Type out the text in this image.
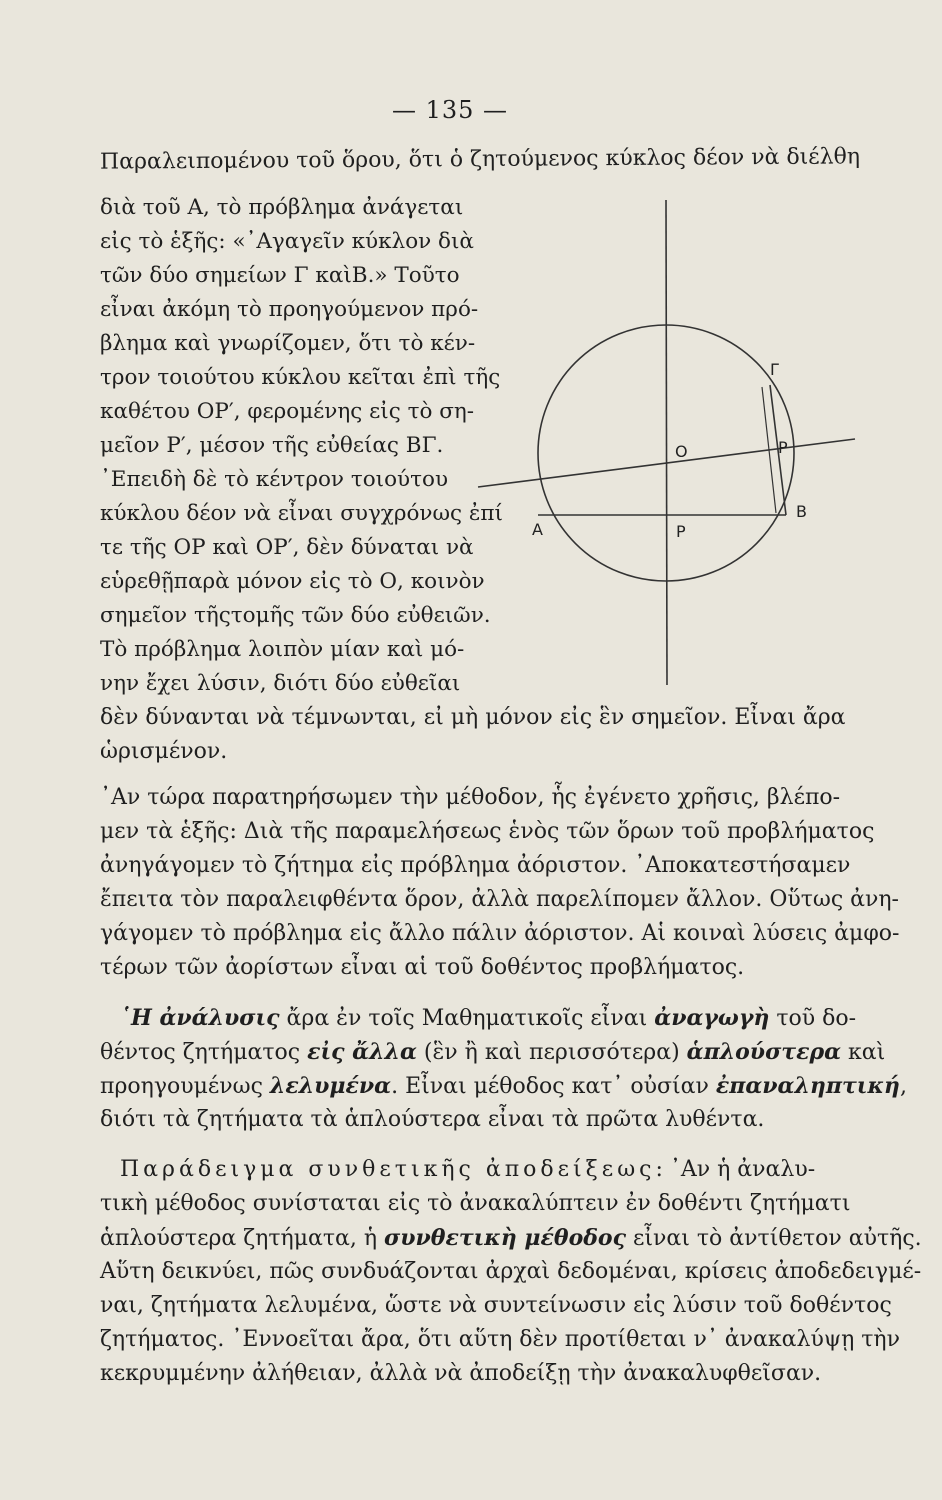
— 135 —
Παραλειπομένου τοῦ ὅρου, ὅτι ὁ ζητούμενος κύκλος δέον νὰ διέλθη
διὰ τοῦ Α, τὸ πρόβλημα ἀνάγεται
εἰς τὸ ἑξῆς: «᾿Αγαγεῖν κύκλον διὰ
τῶν δύο σημείων Γ καὶΒ.» Τοῦτο
εἶναι ἀκόμη τὸ προηγούμενον πρό-
βλημα καὶ γνωρίζομεν, ὅτι τὸ κέν-
τρον τοιούτου κύκλου κεῖται ἐπὶ τῆς
καθέτου ΟΡ′, φερομένης εἰς τὸ ση-
μεῖον Ρ′, μέσον τῆς εὐθείας ΒΓ.
᾿Επειδὴ δὲ τὸ κέντρον τοιούτου
κύκλου δέον νὰ εἶναι συγχρόνως ἐπί
τε τῆς ΟΡ καὶ ΟΡ′, δὲν δύναται νὰ
εὑρεθῇπαρὰ μόνον εἰς τὸ Ο, κοινὸν
σημεῖον τῆςτομῆς τῶν δύο εὐθειῶν.
Τὸ πρόβλημα λοιπὸν μίαν καὶ μό-
νην ἔχει λύσιν, διότι δύο εὐθεῖαι
δὲν δύνανται νὰ τέμνωνται, εἰ μὴ μόνον εἰς ἓν σημεῖον. Εἶναι ἄρα
ὡρισμένον.
᾿Αν τώρα παρατηρήσωμεν τὴν μέθοδον, ἧς ἐγένετο χρῆσις, βλέπο-
μεν τὰ ἑξῆς: Διὰ τῆς παραμελήσεως ἑνὸς τῶν ὅρων τοῦ προβλήματος
ἀνηγάγομεν τὸ ζήτημα εἰς πρόβλημα ἀόριστον. ᾿Αποκατεστήσαμεν
ἔπειτα τὸν παραλειφθέντα ὅρον, ἀλλὰ παρελίπομεν ἄλλον. Οὕτως ἀνη-
γάγομεν τὸ πρόβλημα εἰς ἄλλο πάλιν ἀόριστον. Αἱ κοιναὶ λύσεις ἀμφο-
τέρων τῶν ἀορίστων εἶναι αἱ τοῦ δοθέντος προβλήματος.
῾Η ἀνάλυσις ἄρα ἐν τοῖς Μαθηματικοῖς εἶναι ἀναγωγὴ τοῦ δο-
θέντος ζητήματος εἰς ἄλλα (ἓν ἢ καὶ περισσότερα) ἁπλούστερα καὶ
προηγουμένως λελυμένα. Εἶναι μέθοδος κατ᾿ οὐσίαν ἐπαναληπτική,
διότι τὰ ζητήματα τὰ ἁπλούστερα εἶναι τὰ πρῶτα λυθέντα.
Παράδειγμα συνθετικῆς ἀποδείξεως: ᾿Αν ἡ ἀναλυ-
τικὴ μέθοδος συνίσταται εἰς τὸ ἀνακαλύπτειν ἐν δοθέντι ζητήματι
ἁπλούστερα ζητήματα, ἡ συνθετικὴ μέθοδος εἶναι τὸ ἀντίθετον αὐτῆς.
Αὕτη δεικνύει, πῶς συνδυάζονται ἀρχαὶ δεδομέναι, κρίσεις ἀποδεδειγμέ-
ναι, ζητήματα λελυμένα, ὥστε νὰ συντείνωσιν εἰς λύσιν τοῦ δοθέντος
ζητήματος. ᾿Εννοεῖται ἄρα, ὅτι αὕτη δὲν προτίθεται ν᾿ ἀνακαλύψῃ τὴν
κεκρυμμένην ἀλήθειαν, ἀλλὰ νὰ ἀποδείξῃ τὴν ἀνακαλυφθεῖσαν.
Γ
Ο	Ρ
Α
Β
Ρ
